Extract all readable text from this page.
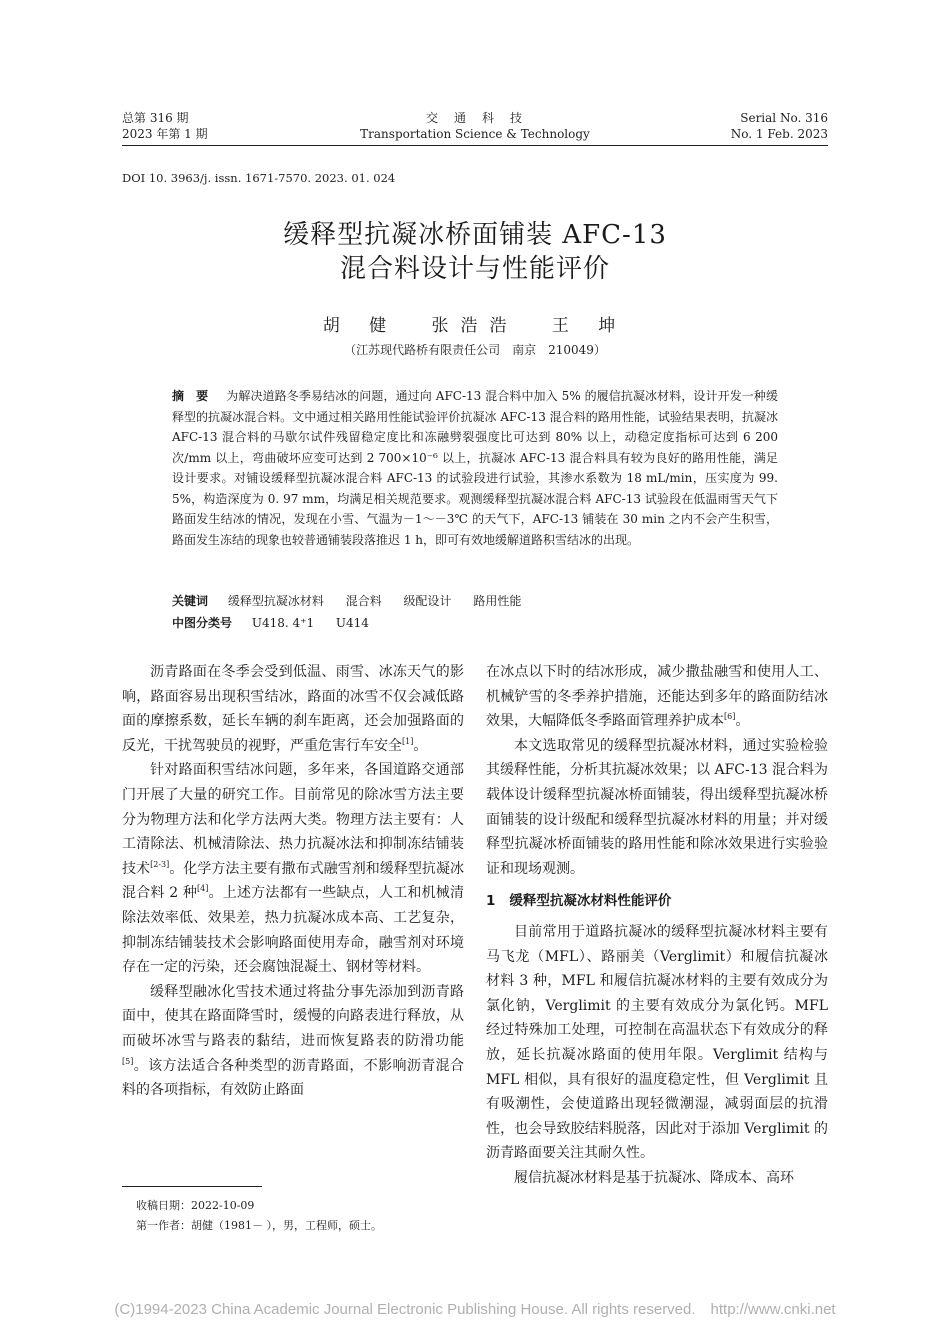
总第 316 期
2023 年第 1 期
交　通　科　技
Transportation Science & Technology
Serial No. 316
No. 1 Feb. 2023
DOI 10. 3963/j. issn. 1671-7570. 2023. 01. 024
缓释型抗凝冰桥面铺装 AFC-13
混合料设计与性能评价
胡 健 张浩浩 王 坤
（江苏现代路桥有限责任公司　南京　210049）
摘　要 为解决道路冬季易结冰的问题，通过向 AFC-13 混合料中加入 5% 的履信抗凝冰材料，设计开发一种缓释型的抗凝冰混合料。文中通过相关路用性能试验评价抗凝冰 AFC-13 混合料的路用性能，试验结果表明，抗凝冰 AFC-13 混合料的马歇尔试件残留稳定度比和冻融劈裂强度比可达到 80% 以上，动稳定度指标可达到 6 200 次/mm 以上，弯曲破坏应变可达到 2 700×10⁻⁶ 以上，抗凝冰 AFC-13 混合料具有较为良好的路用性能，满足设计要求。对铺设缓释型抗凝冰混合料 AFC-13 的试验段进行试验，其渗水系数为 18 mL/min，压实度为 99. 5%，构造深度为 0. 97 mm，均满足相关规范要求。观测缓释型抗凝冰混合料 AFC-13 试验段在低温雨雪天气下路面发生结冰的情况，发现在小雪、气温为－1～－3℃ 的天气下，AFC-13 铺装在 30 min 之内不会产生积雪，路面发生冻结的现象也较普通铺装段落推迟 1 h，即可有效地缓解道路积雪结冰的出现。
关键词 缓释型抗凝冰材料 混合料 级配设计 路用性能
中图分类号 U418. 4⁺1 U414

沥青路面在冬季会受到低温、雨雪、冰冻天气的影响，路面容易出现积雪结冰，路面的冰雪不仅会减低路面的摩擦系数，延长车辆的刹车距离，还会加强路面的反光，干扰驾驶员的视野，严重危害行车安全[1]。

针对路面积雪结冰问题，多年来，各国道路交通部门开展了大量的研究工作。目前常见的除冰雪方法主要分为物理方法和化学方法两大类。物理方法主要有：人工清除法、机械清除法、热力抗凝冰法和抑制冻结铺装技术[2-3]。化学方法主要有撒布式融雪剂和缓释型抗凝冰混合料 2 种[4]。上述方法都有一些缺点，人工和机械清除法效率低、效果差，热力抗凝冰成本高、工艺复杂，抑制冻结铺装技术会影响路面使用寿命，融雪剂对环境存在一定的污染，还会腐蚀混凝土、钢材等材料。

缓释型融冰化雪技术通过将盐分事先添加到沥青路面中，使其在路面降雪时，缓慢的向路表进行释放，从而破坏冰雪与路表的黏结，进而恢复路表的防滑功能[5]。该方法适合各种类型的沥青路面，不影响沥青混合料的各项指标，有效防止路面

收稿日期：2022-10-09
第一作者：胡健（1981－ ），男，工程师，硕士。

在冰点以下时的结冰形成，减少撒盐融雪和使用人工、机械铲雪的冬季养护措施，还能达到多年的路面防结冰效果，大幅降低冬季路面管理养护成本[6]。

本文选取常见的缓释型抗凝冰材料，通过实验检验其缓释性能，分析其抗凝冰效果；以 AFC-13 混合料为载体设计缓释型抗凝冰桥面铺装，得出缓释型抗凝冰桥面铺装的设计级配和缓释型抗凝冰材料的用量；并对缓释型抗凝冰桥面铺装的路用性能和除冰效果进行实验验证和现场观测。

1 缓释型抗凝冰材料性能评价

目前常用于道路抗凝冰的缓释型抗凝冰材料主要有马飞龙（MFL）、路丽美（Verglimit）和履信抗凝冰材料 3 种，MFL 和履信抗凝冰材料的主要有效成分为氯化钠，Verglimit 的主要有效成分为氯化钙。MFL 经过特殊加工处理，可控制在高温状态下有效成分的释放，延长抗凝冰路面的使用年限。Verglimit 结构与 MFL 相似，具有很好的温度稳定性，但 Verglimit 且有吸潮性，会使道路出现轻微潮湿，减弱面层的抗滑性，也会导致胶结料脱落，因此对于添加 Verglimit 的沥青路面要关注其耐久性。

履信抗凝冰材料是基于抗凝冰、降成本、高环

(C)1994-2023 China Academic Journal Electronic Publishing House. All rights reserved.　http://www.cnki.net
